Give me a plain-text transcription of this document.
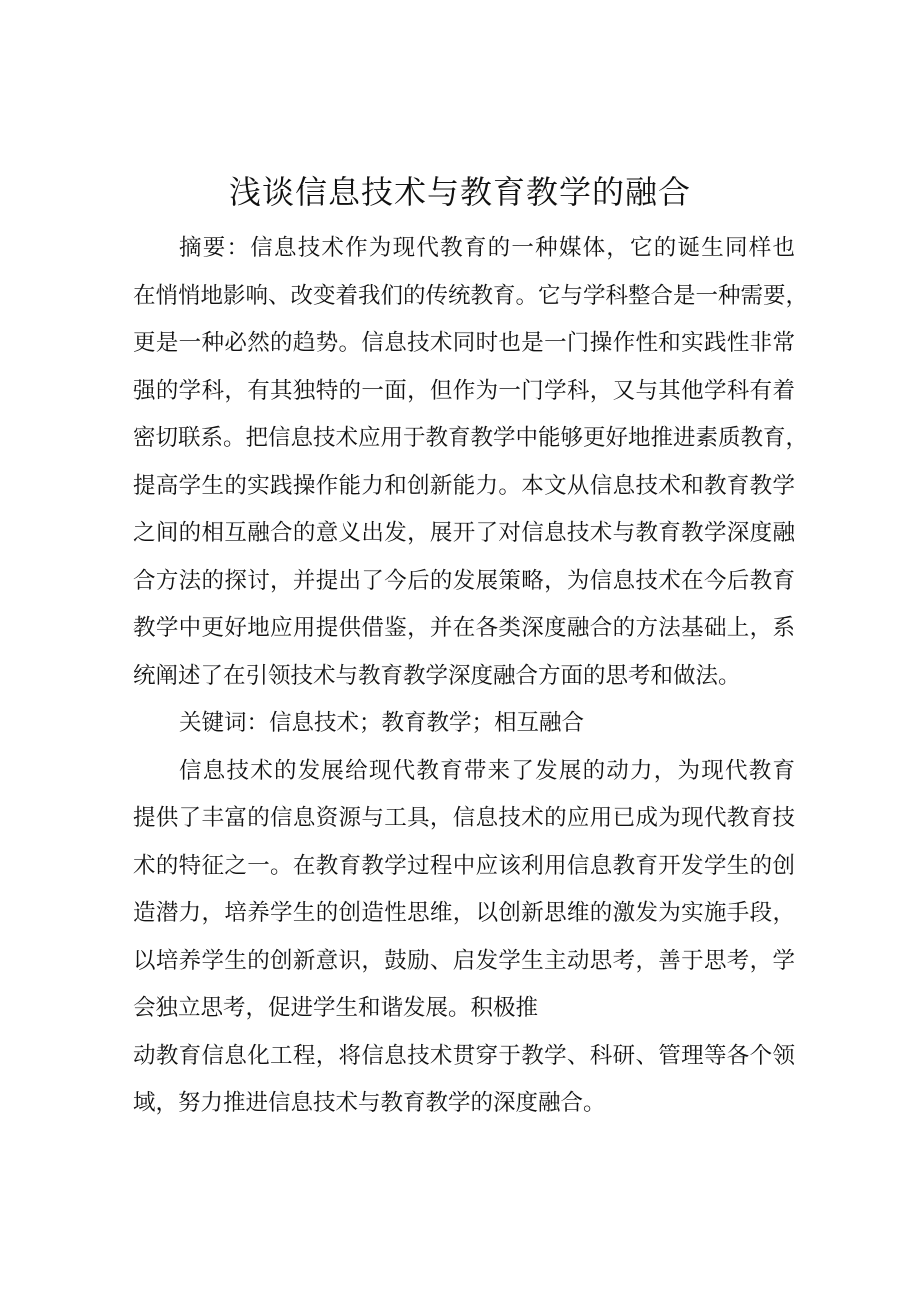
浅谈信息技术与教育教学的融合
摘要：信息技术作为现代教育的一种媒体，它的诞生同样也
在悄悄地影响、改变着我们的传统教育。它与学科整合是一种需要，
更是一种必然的趋势。信息技术同时也是一门操作性和实践性非常
强的学科，有其独特的一面，但作为一门学科，又与其他学科有着
密切联系。把信息技术应用于教育教学中能够更好地推进素质教育，
提高学生的实践操作能力和创新能力。本文从信息技术和教育教学
之间的相互融合的意义出发，展开了对信息技术与教育教学深度融
合方法的探讨，并提出了今后的发展策略，为信息技术在今后教育
教学中更好地应用提供借鉴，并在各类深度融合的方法基础上，系
统阐述了在引领技术与教育教学深度融合方面的思考和做法。
关键词：信息技术；教育教学；相互融合
信息技术的发展给现代教育带来了发展的动力，为现代教育
提供了丰富的信息资源与工具，信息技术的应用已成为现代教育技
术的特征之一。在教育教学过程中应该利用信息教育开发学生的创
造潜力，培养学生的创造性思维，以创新思维的激发为实施手段，
以培养学生的创新意识，鼓励、启发学生主动思考，善于思考，学
会独立思考，促进学生和谐发展。积极推
动教育信息化工程，将信息技术贯穿于教学、科研、管理等各个领
域，努力推进信息技术与教育教学的深度融合。
